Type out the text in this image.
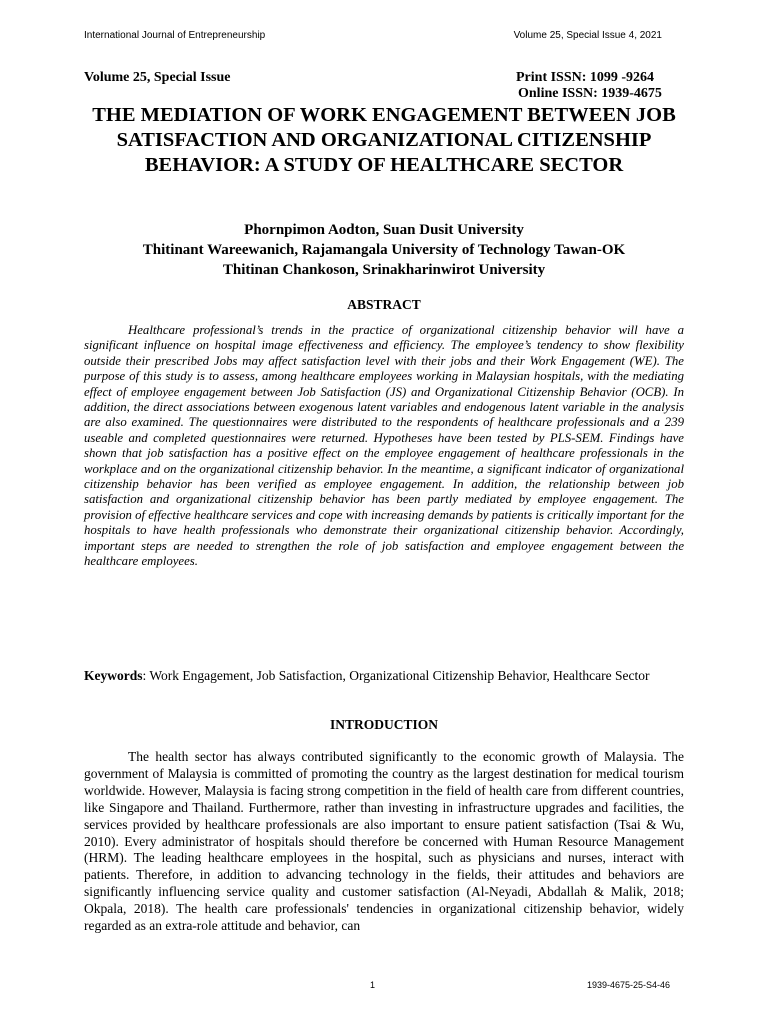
International Journal of Entrepreneurship	Volume 25, Special Issue 4, 2021
Volume 25, Special Issue	Print ISSN: 1099 -9264
Online ISSN: 1939-4675
THE MEDIATION OF WORK ENGAGEMENT BETWEEN JOB SATISFACTION AND ORGANIZATIONAL CITIZENSHIP BEHAVIOR: A STUDY OF HEALTHCARE SECTOR
Phornpimon Aodton, Suan Dusit University
Thitinant Wareewanich, Rajamangala University of Technology Tawan-OK
Thitinan Chankoson, Srinakharinwirot University
ABSTRACT

Healthcare professional’s trends in the practice of organizational citizenship behavior will have a significant influence on hospital image effectiveness and efficiency. The employee’s tendency to show flexibility outside their prescribed Jobs may affect satisfaction level with their jobs and their Work Engagement (WE). The purpose of this study is to assess, among healthcare employees working in Malaysian hospitals, with the mediating effect of employee engagement between Job Satisfaction (JS) and Organizational Citizenship Behavior (OCB). In addition, the direct associations between exogenous latent variables and endogenous latent variable in the analysis are also examined. The questionnaires were distributed to the respondents of healthcare professionals and a 239 useable and completed questionnaires were returned. Hypotheses have been tested by PLS-SEM. Findings have shown that job satisfaction has a positive effect on the employee engagement of healthcare professionals in the workplace and on the organizational citizenship behavior. In the meantime, a significant indicator of organizational citizenship behavior has been verified as employee engagement. In addition, the relationship between job satisfaction and organizational citizenship behavior has been partly mediated by employee engagement. The provision of effective healthcare services and cope with increasing demands by patients is critically important for the hospitals to have health professionals who demonstrate their organizational citizenship behavior. Accordingly, important steps are needed to strengthen the role of job satisfaction and employee engagement between the healthcare employees.

Keywords: Work Engagement, Job Satisfaction, Organizational Citizenship Behavior, Healthcare Sector

INTRODUCTION

The health sector has always contributed significantly to the economic growth of Malaysia. The government of Malaysia is committed of promoting the country as the largest destination for medical tourism worldwide. However, Malaysia is facing strong competition in the field of health care from different countries, like Singapore and Thailand. Furthermore, rather than investing in infrastructure upgrades and facilities, the services provided by healthcare professionals are also important to ensure patient satisfaction (Tsai & Wu, 2010). Every administrator of hospitals should therefore be concerned with Human Resource Management (HRM). The leading healthcare employees in the hospital, such as physicians and nurses, interact with patients. Therefore, in addition to advancing technology in the fields, their attitudes and behaviors are significantly influencing service quality and customer satisfaction (Al-Neyadi, Abdallah & Malik, 2018; Okpala, 2018). The health care professionals' tendencies in organizational citizenship behavior, widely regarded as an extra-role attitude and behavior, can

1	1939-4675-25-S4-46
